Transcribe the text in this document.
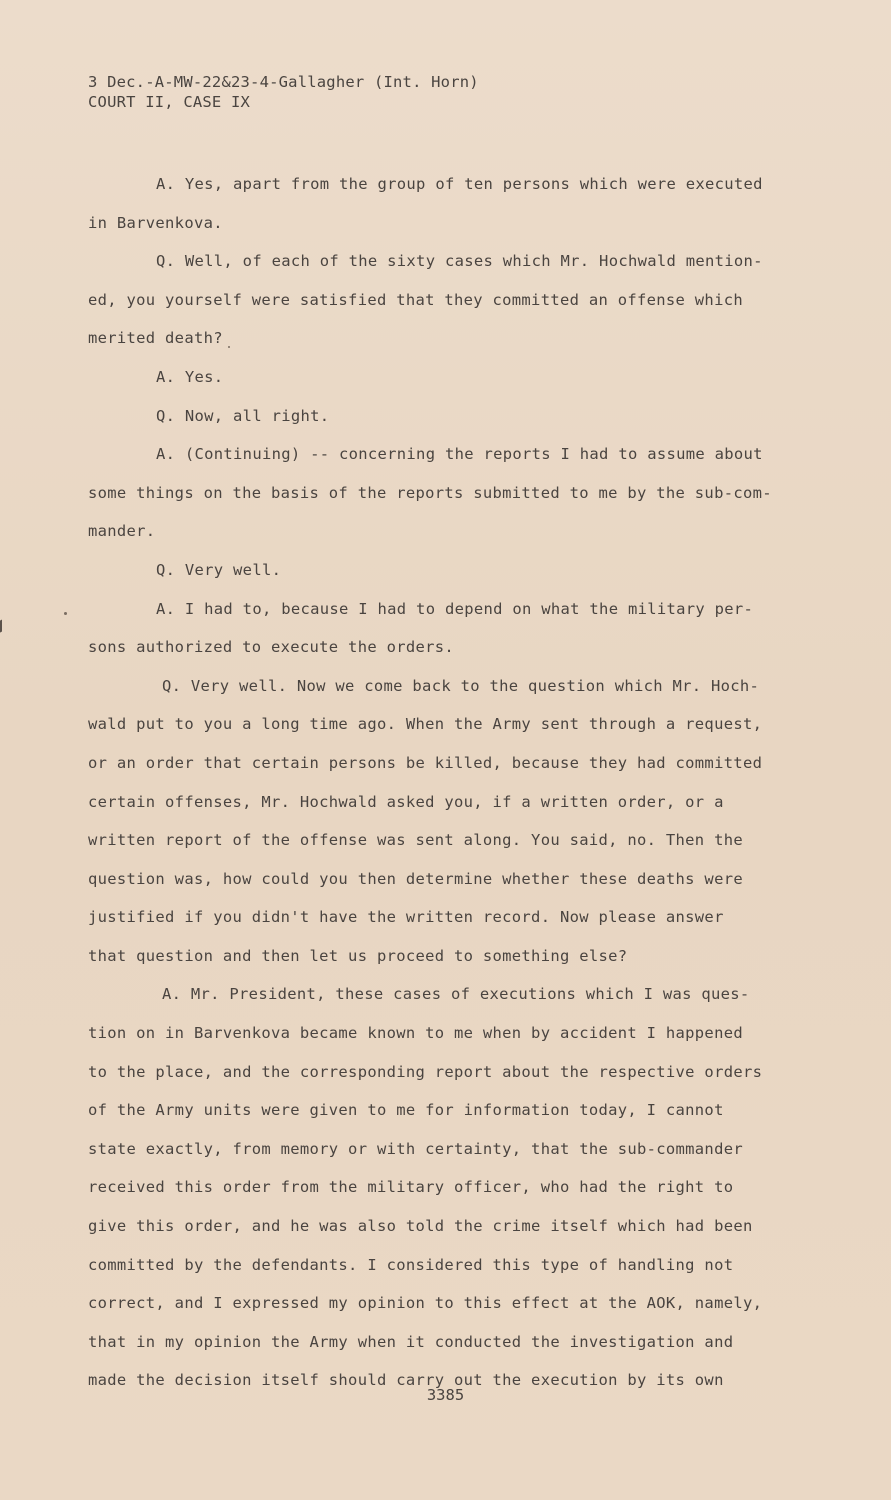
3 Dec.-A-MW-22&23-4-Gallagher (Int. Horn)
COURT II, CASE IX
A. Yes, apart from the group of ten persons which were executed
in Barvenkova.
Q. Well, of each of the sixty cases which Mr. Hochwald mention-
ed, you yourself were satisfied that they committed an offense which
merited death?
A. Yes.
Q. Now, all right.
A. (Continuing) -- concerning the reports I had to assume about
some things on the basis of the reports submitted to me by the sub-com-
mander.
Q. Very well.
A. I had to, because I had to depend on what the military per-
sons authorized to execute the orders.
Q. Very well. Now we come back to the question which Mr. Hoch-
wald put to you a long time ago. When the Army sent through a request,
or an order that certain persons be killed, because they had committed
certain offenses, Mr. Hochwald asked you, if a written order, or a
written report of the offense was sent along. You said, no. Then the
question was, how could you then determine whether these deaths were
justified if you didn't have the written record. Now please answer
that question and then let us proceed to something else?
A. Mr. President, these cases of executions which I was ques-
tion on in Barvenkova became known to me when by accident I happened
to the place, and the corresponding report about the respective orders
of the Army units were given to me for information today, I cannot
state exactly, from memory or with certainty, that the sub-commander
received this order from the military officer, who had the right to
give this order, and he was also told the crime itself which had been
committed by the defendants. I considered this type of handling not
correct, and I expressed my opinion to this effect at the AOK, namely,
that in my opinion the Army when it conducted the investigation and
made the decision itself should carry out the execution by its own
3385
